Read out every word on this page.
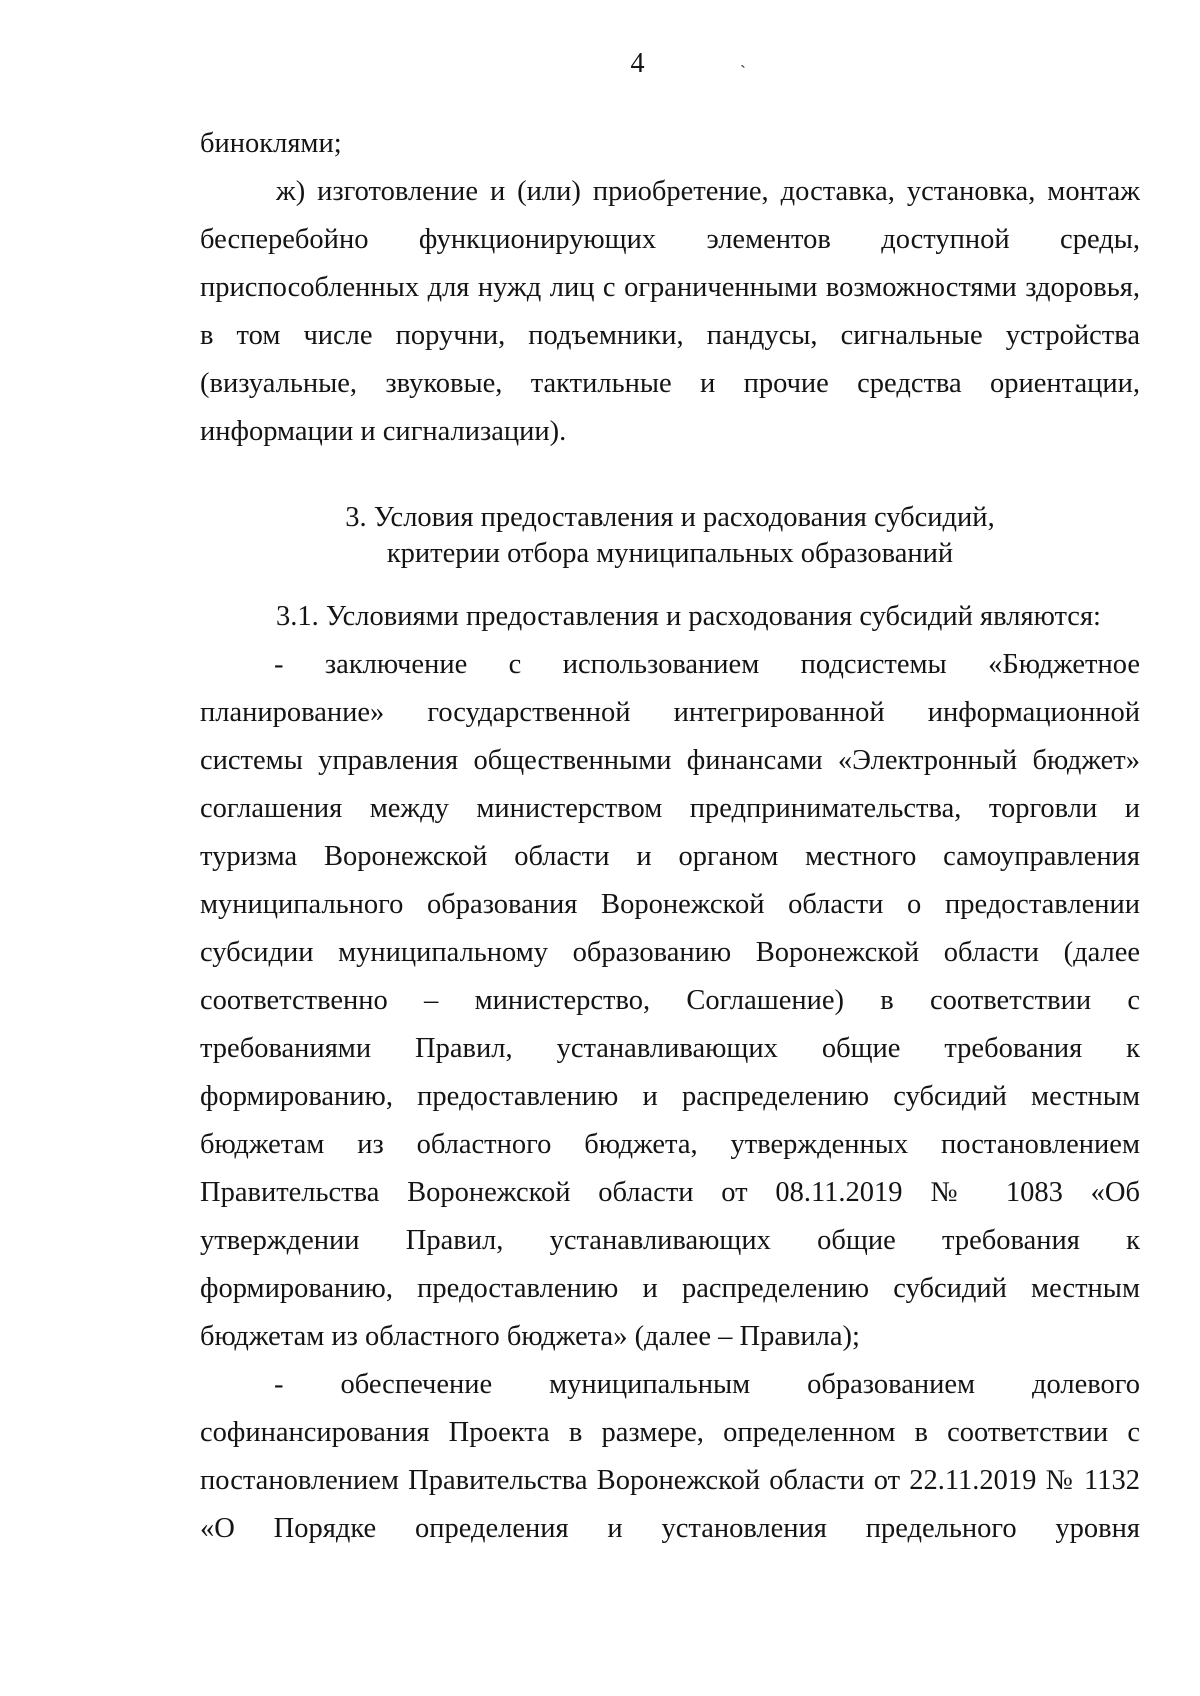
4	ˋ

биноклями;

ж) изготовление и (или) приобретение, доставка, установка, монтаж

бесперебойно функционирующих элементов доступной среды,

приспособленных для нужд лиц с ограниченными возможностями здоровья,

в том числе поручни, подъемники, пандусы, сигнальные устройства

(визуальные, звуковые, тактильные и прочие средства ориентации,

информации и сигнализации).

3. Условия предоставления и расходования субсидий,

критерии отбора муниципальных образований

3.1. Условиями предоставления и расходования субсидий являются:

- заключение с использованием подсистемы «Бюджетное

планирование» государственной интегрированной информационной

системы управления общественными финансами «Электронный бюджет»

соглашения между министерством предпринимательства, торговли и

туризма Воронежской области и органом местного самоуправления

муниципального образования Воронежской области о предоставлении

субсидии муниципальному образованию Воронежской области (далее

соответственно – министерство, Соглашение) в соответствии с

требованиями Правил, устанавливающих общие требования к

формированию, предоставлению и распределению субсидий местным

бюджетам из областного бюджета, утвержденных постановлением

Правительства Воронежской области от 08.11.2019 № 1083 «Об

утверждении Правил, устанавливающих общие требования к

формированию, предоставлению и распределению субсидий местным

бюджетам из областного бюджета» (далее – Правила);

- обеспечение муниципальным образованием долевого

софинансирования Проекта в размере, определенном в соответствии с

постановлением Правительства Воронежской области от 22.11.2019 № 1132

«О Порядке определения и установления предельного уровня
